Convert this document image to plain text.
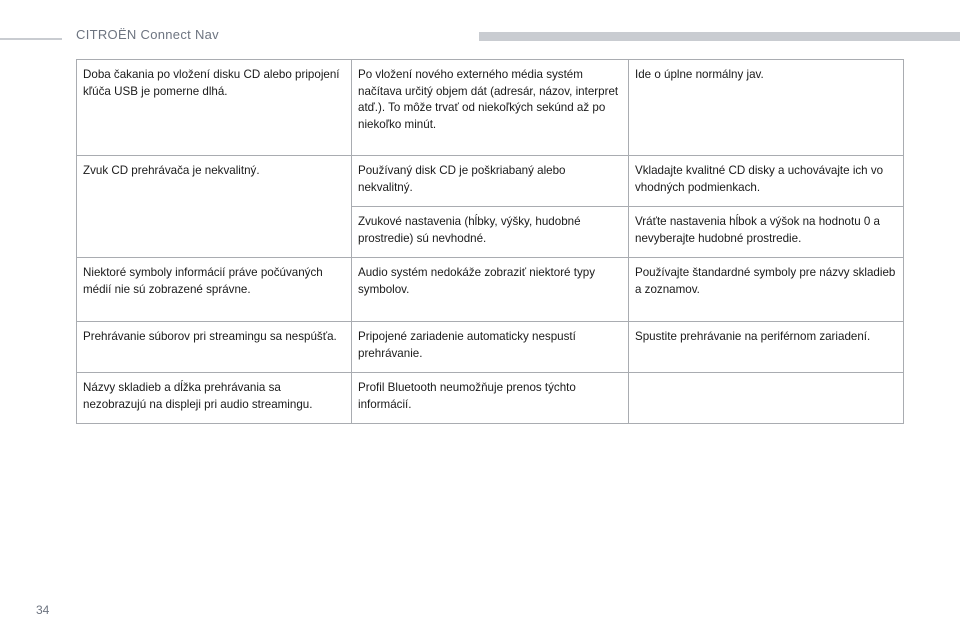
CITROËN Connect Nav
Doba čakania po vložení disku CD alebo pripojení kľúča USB je pomerne dlhá.	Po vložení nového externého média systém načítava určitý objem dát (adresár, názov, interpret atď.). To môže trvať od niekoľkých sekúnd až po niekoľko minút.	Ide o úplne normálny jav.
Zvuk CD prehrávača je nekvalitný.	Používaný disk CD je poškriabaný alebo nekvalitný.	Vkladajte kvalitné CD disky a uchovávajte ich vo vhodných podmienkach.
	Zvukové nastavenia (hĺbky, výšky, hudobné prostredie) sú nevhodné.	Vráťte nastavenia hĺbok a výšok na hodnotu 0 a nevyberajte hudobné prostredie.
Niektoré symboly informácií práve počúvaných médií nie sú zobrazené správne.	Audio systém nedokáže zobraziť niektoré typy symbolov.	Používajte štandardné symboly pre názvy skladieb a zoznamov.
Prehrávanie súborov pri streamingu sa nespúšťa.	Pripojené zariadenie automaticky nespustí prehrávanie.	Spustite prehrávanie na periférnom zariadení.
Názvy skladieb a dĺžka prehrávania sa nezobrazujú na displeji pri audio streamingu.	Profil Bluetooth neumožňuje prenos týchto informácií.	
34
